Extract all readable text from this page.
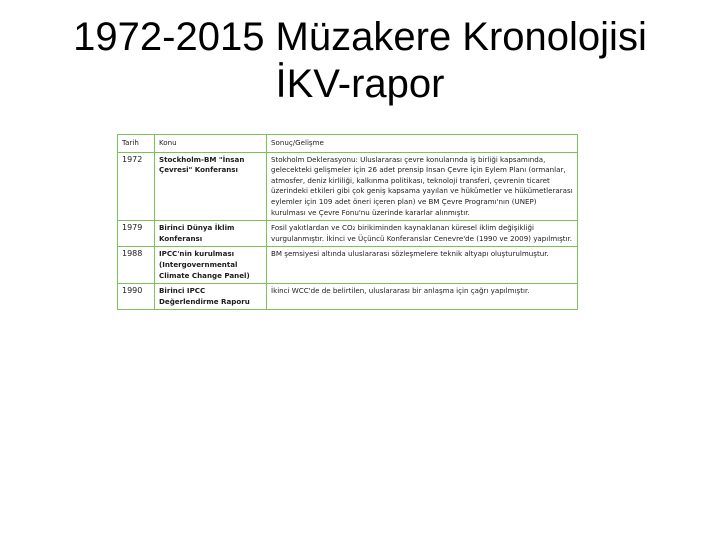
1972-2015 Müzakere Kronolojisi
İKV-rapor
Tarih	Konu	Sonuç/Gelişme
1972	Stockholm-BM "İnsan Çevresi" Konferansı	Stokholm Deklerasyonu: Uluslararası çevre konularında iş birliği kapsamında, gelecekteki gelişmeler için 26 adet prensip İnsan Çevre İçin Eylem Planı (ormanlar, atmosfer, deniz kirliliği, kalkınma politikası, teknoloji transferi, çevrenin ticaret üzerindeki etkileri gibi çok geniş kapsama yayılan ve hükümetler ve hükümetlerarası eylemler için 109 adet öneri içeren plan) ve BM Çevre Programı'nın (UNEP) kurulması ve Çevre Fonu'nu üzerinde kararlar alınmıştır.
1979	Birinci Dünya İklim Konferansı	Fosil yakıtlardan ve CO₂ birikiminden kaynaklanan küresel iklim değişikliği vurgulanmıştır. İkinci ve Üçüncü Konferanslar Cenevre'de (1990 ve 2009) yapılmıştır.
1988	IPCC'nin kurulması (Intergovernmental Climate Change Panel)	BM şemsiyesi altında uluslararası sözleşmelere teknik altyapı oluşturulmuştur.
1990	Birinci IPCC Değerlendirme Raporu	İkinci WCC'de de belirtilen, uluslararası bir anlaşma için çağrı yapılmıştır.
